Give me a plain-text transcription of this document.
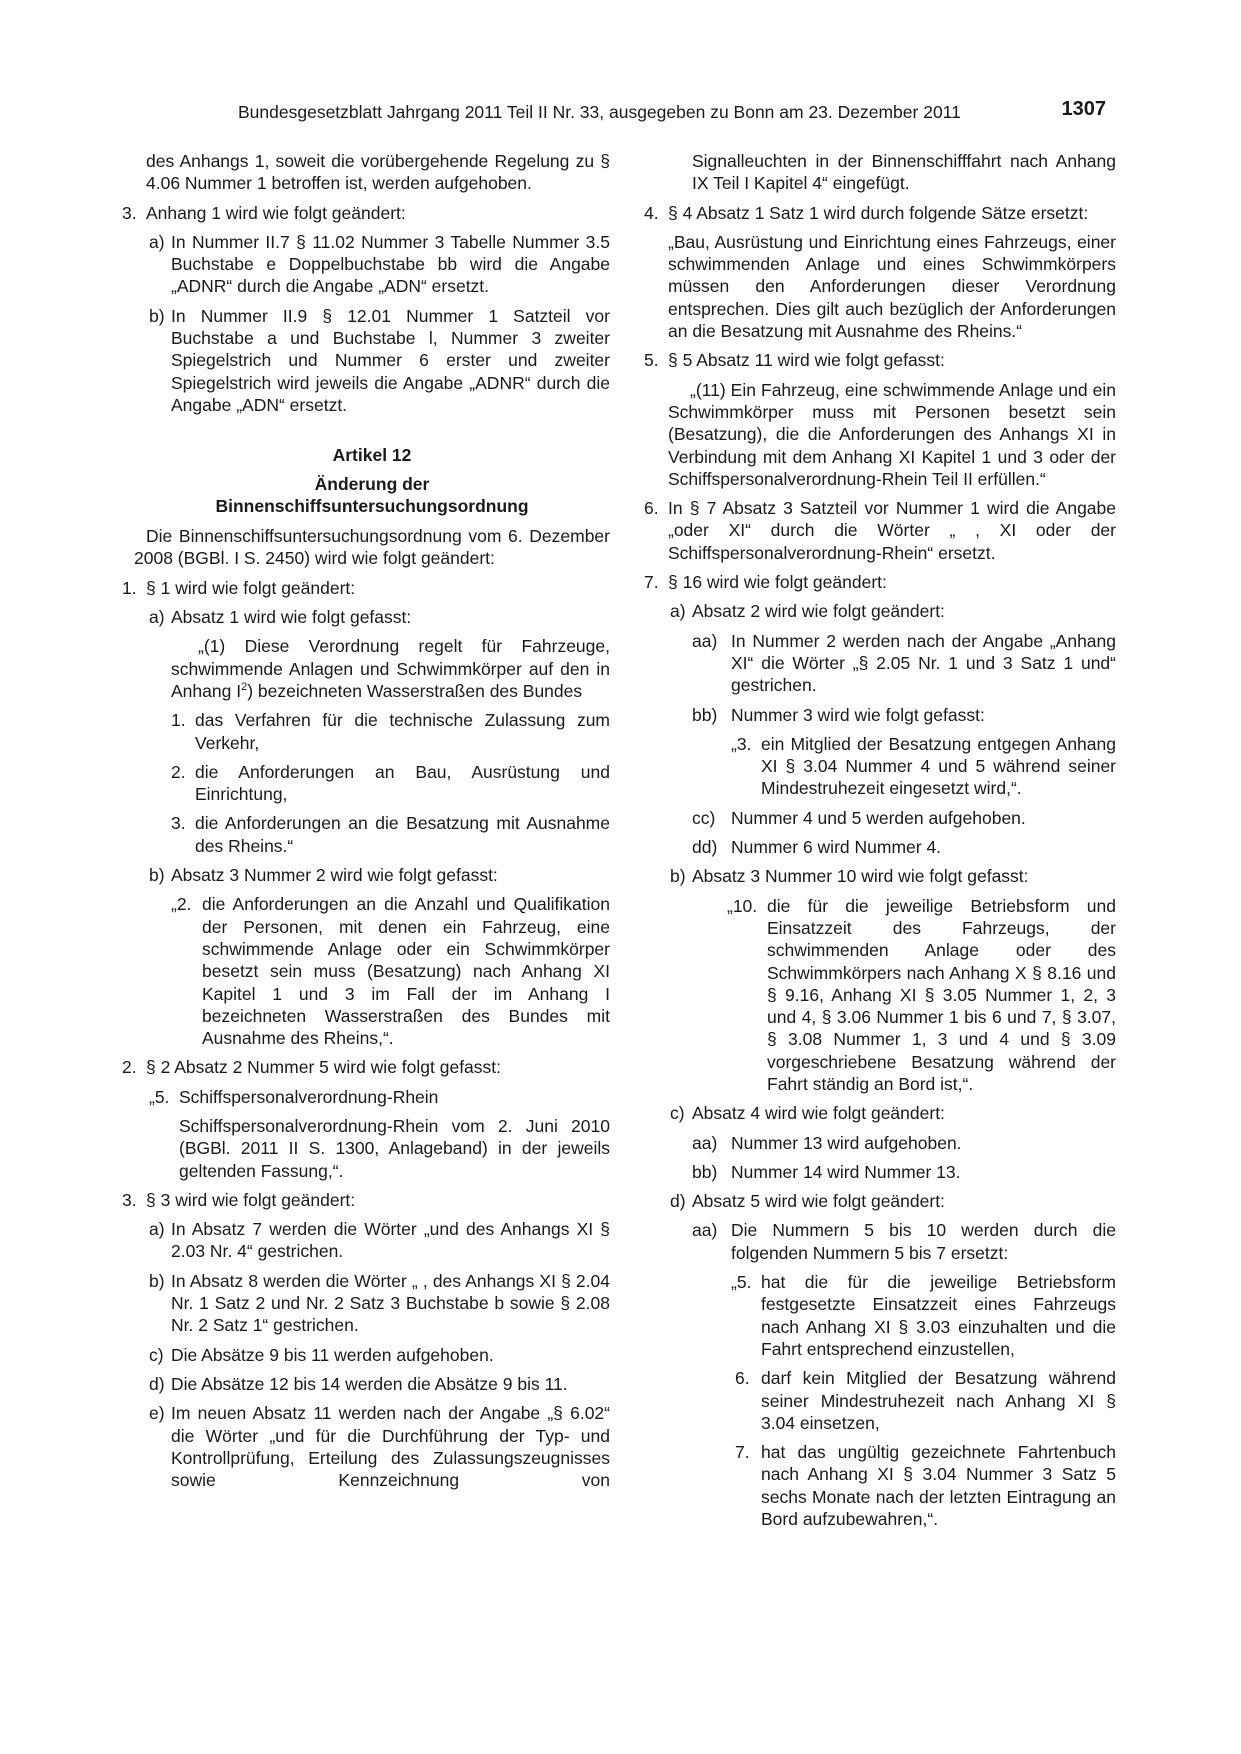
Bundesgesetzblatt Jahrgang 2011 Teil II Nr. 33, ausgegeben zu Bonn am 23. Dezember 2011	1307

des Anhangs 1, soweit die vorübergehende Regelung zu § 4.06 Nummer 1 betroffen ist, werden aufgehoben.

3. Anhang 1 wird wie folgt geändert:
a) In Nummer II.7 § 11.02 Nummer 3 Tabelle Nummer 3.5 Buchstabe e Doppelbuchstabe bb wird die Angabe „ADNR“ durch die Angabe „ADN“ ersetzt.
b) In Nummer II.9 § 12.01 Nummer 1 Satzteil vor Buchstabe a und Buchstabe l, Nummer 3 zweiter Spiegelstrich und Nummer 6 erster und zweiter Spiegelstrich wird jeweils die Angabe „ADNR“ durch die Angabe „ADN“ ersetzt.

Artikel 12

Änderung der

Binnenschiffsuntersuchungsordnung

Die Binnenschiffsuntersuchungsordnung vom 6. Dezember 2008 (BGBl. I S. 2450) wird wie folgt geändert:

1. § 1 wird wie folgt geändert:
a) Absatz 1 wird wie folgt gefasst:

„(1) Diese Verordnung regelt für Fahrzeuge, schwimmende Anlagen und Schwimmkörper auf den in Anhang $I^2$) bezeichneten Wasserstraßen des Bundes

1. das Verfahren für die technische Zulassung zum Verkehr,
2. die Anforderungen an Bau, Ausrüstung und Einrichtung,
3. die Anforderungen an die Besatzung mit Ausnahme des Rheins.“
b) Absatz 3 Nummer 2 wird wie folgt gefasst:
„2. die Anforderungen an die Anzahl und Qualifikation der Personen, mit denen ein Fahrzeug, eine schwimmende Anlage oder ein Schwimmkörper besetzt sein muss (Besatzung) nach Anhang XI Kapitel 1 und 3 im Fall der im Anhang I bezeichneten Wasserstraßen des Bundes mit Ausnahme des Rheins,“.
2. § 2 Absatz 2 Nummer 5 wird wie folgt gefasst:
„5. Schiffspersonalverordnung-Rhein

Schiffspersonalverordnung-Rhein vom 2. Juni 2010 (BGBl. 2011 II S. 1300, Anlageband) in der jeweils geltenden Fassung,“.

3. § 3 wird wie folgt geändert:
a) In Absatz 7 werden die Wörter „und des Anhangs XI § 2.03 Nr. 4“ gestrichen.
b) In Absatz 8 werden die Wörter „ , des Anhangs XI § 2.04 Nr. 1 Satz 2 und Nr. 2 Satz 3 Buchstabe b sowie § 2.08 Nr. 2 Satz 1“ gestrichen.
c) Die Absätze 9 bis 11 werden aufgehoben.
d) Die Absätze 12 bis 14 werden die Absätze 9 bis 11.
e) Im neuen Absatz 11 werden nach der Angabe „§ 6.02“ die Wörter „und für die Durchführung der Typ- und Kontrollprüfung, Erteilung des Zulassungszeugnisses sowie Kennzeichnung von

Signalleuchten in der Binnenschifffahrt nach Anhang IX Teil I Kapitel 4“ eingefügt.

4. § 4 Absatz 1 Satz 1 wird durch folgende Sätze ersetzt:

„Bau, Ausrüstung und Einrichtung eines Fahrzeugs, einer schwimmenden Anlage und eines Schwimmkörpers müssen den Anforderungen dieser Verordnung entsprechen. Dies gilt auch bezüglich der Anforderungen an die Besatzung mit Ausnahme des Rheins.“

5. § 5 Absatz 11 wird wie folgt gefasst:

„(11) Ein Fahrzeug, eine schwimmende Anlage und ein Schwimmkörper muss mit Personen besetzt sein (Besatzung), die die Anforderungen des Anhangs XI in Verbindung mit dem Anhang XI Kapitel 1 und 3 oder der Schiffspersonalverordnung-Rhein Teil II erfüllen.“

6. In § 7 Absatz 3 Satzteil vor Nummer 1 wird die Angabe „oder XI“ durch die Wörter „ , XI oder der Schiffspersonalverordnung-Rhein“ ersetzt.
7. § 16 wird wie folgt geändert:
a) Absatz 2 wird wie folgt geändert:
aa) In Nummer 2 werden nach der Angabe „Anhang XI“ die Wörter „§ 2.05 Nr. 1 und 3 Satz 1 und“ gestrichen.
bb) Nummer 3 wird wie folgt gefasst:
„3. ein Mitglied der Besatzung entgegen Anhang XI § 3.04 Nummer 4 und 5 während seiner Mindestruhezeit eingesetzt wird,“.
cc) Nummer 4 und 5 werden aufgehoben.
dd) Nummer 6 wird Nummer 4.
b) Absatz 3 Nummer 10 wird wie folgt gefasst:
„10. die für die jeweilige Betriebsform und Einsatzzeit des Fahrzeugs, der schwimmenden Anlage oder des Schwimmkörpers nach Anhang X § 8.16 und § 9.16, Anhang XI § 3.05 Nummer 1, 2, 3 und 4, § 3.06 Nummer 1 bis 6 und 7, § 3.07, § 3.08 Nummer 1, 3 und 4 und § 3.09 vorgeschriebene Besatzung während der Fahrt ständig an Bord ist,“.
c) Absatz 4 wird wie folgt geändert:
aa) Nummer 13 wird aufgehoben.
bb) Nummer 14 wird Nummer 13.
d) Absatz 5 wird wie folgt geändert:
aa) Die Nummern 5 bis 10 werden durch die folgenden Nummern 5 bis 7 ersetzt:
„5. hat die für die jeweilige Betriebsform festgesetzte Einsatzzeit eines Fahrzeugs nach Anhang XI § 3.03 einzuhalten und die Fahrt entsprechend einzustellen,
6. darf kein Mitglied der Besatzung während seiner Mindestruhezeit nach Anhang XI § 3.04 einsetzen,
7. hat das ungültig gezeichnete Fahrtenbuch nach Anhang XI § 3.04 Nummer 3 Satz 5 sechs Monate nach der letzten Eintragung an Bord aufzubewahren,“.
